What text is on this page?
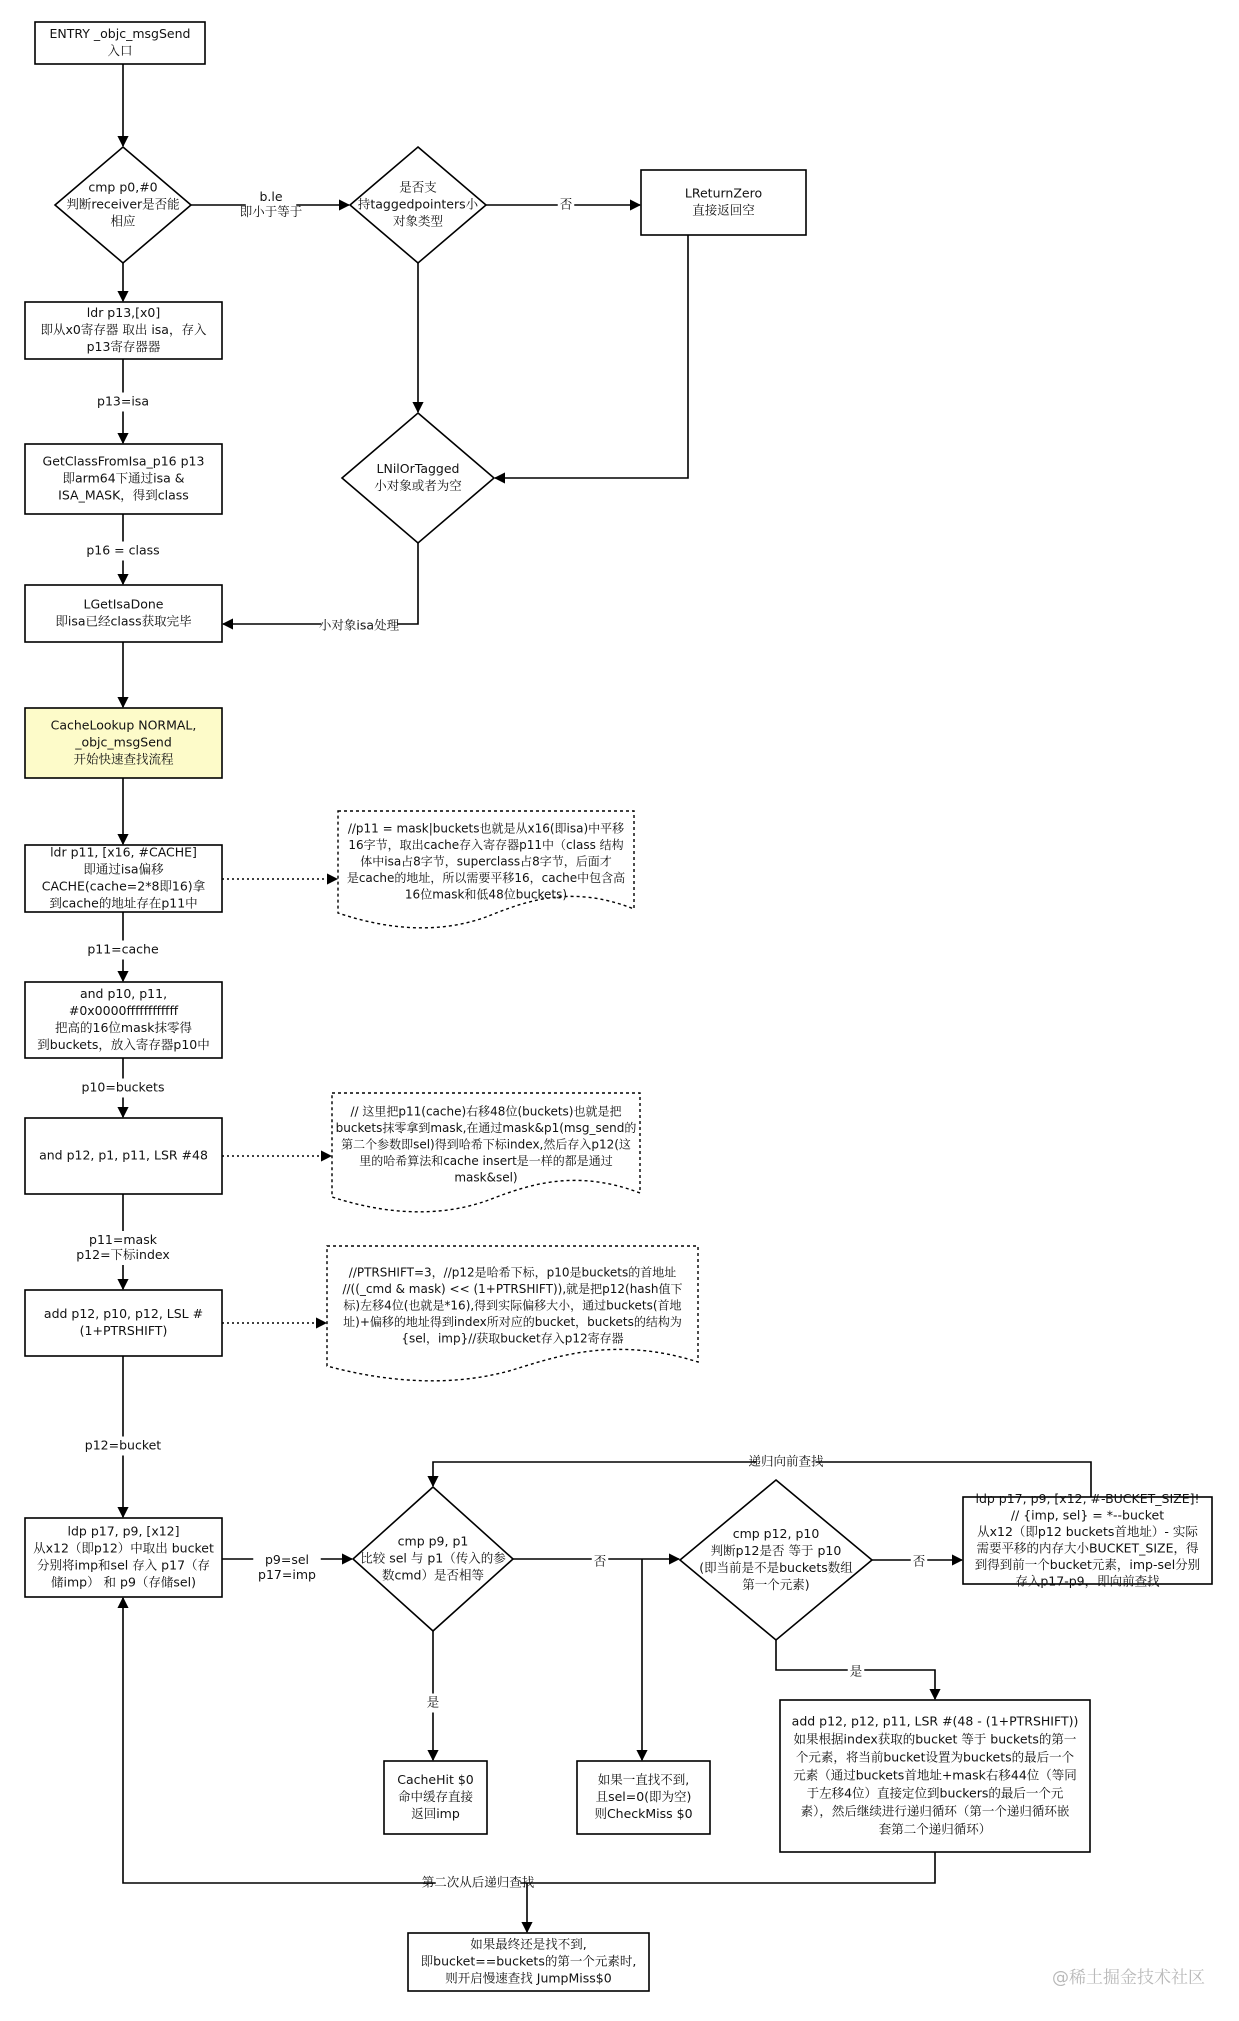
ENTRY _objc_msgSend
入口
LReturnZero
直接返回空
ldr p13,[x0]
即从x0寄存器 取出 isa，存入
p13寄存器器
GetClassFromIsa_p16 p13
即arm64下通过isa &
ISA_MASK，得到class
LGetIsaDone
即isa已经class获取完毕
CacheLookup NORMAL,
_objc_msgSend
开始快速查找流程
ldr p11, [x16, #CACHE]
即通过isa偏移
CACHE(cache=2*8即16)拿
到cache的地址存在p11中
and p10, p11,
#0x0000ffffffffffff
把高的16位mask抹零得
到buckets，放入寄存器p10中
and p12, p1, p11, LSR #48
add p12, p10, p12, LSL #
(1+PTRSHIFT)
ldp p17, p9, [x12]
从x12（即p12）中取出 bucket
分别将imp和sel 存入 p17（存
储imp） 和 p9（存储sel)
ldp p17, p9, [x12, #-BUCKET_SIZE]!
// {imp, sel} = *--bucket
从x12（即p12 buckets首地址）- 实际
需要平移的内存大小BUCKET_SIZE，得
到得到前一个bucket元素，imp-sel分别
存入p17-p9，即向前查找
CacheHit $0
命中缓存直接
返回imp
如果一直找不到,
且sel=0(即为空)
则CheckMiss $0
add p12, p12, p11, LSR #(48 - (1+PTRSHIFT))
如果根据index获取的bucket 等于 buckets的第一
个元素，将当前bucket设置为buckets的最后一个
元素（通过buckets首地址+mask右移44位（等同
于左移4位）直接定位到buckers的最后一个元
素），然后继续进行递归循环（第一个递归循环嵌
套第二个递归循环）
如果最终还是找不到,
即bucket==buckets的第一个元素时,
则开启慢速查找 JumpMiss$0
cmp p0,#0
判断receiver是否能
相应
是否支
持taggedpointers小
对象类型
LNilOrTagged
小对象或者为空
cmp p9, p1
比较 sel 与 p1（传入的参
数cmd）是否相等
cmp p12, p10
判断p12是否 等于 p10
(即当前是不是buckets数组
第一个元素)
//p11 = mask|buckets也就是从x16(即isa)中平移
16字节，取出cache存入寄存器p11中（class 结构
体中isa占8字节，superclass占8字节，后面才
是cache的地址，所以需要平移16，cache中包含高
16位mask和低48位buckets)
// 这里把p11(cache)右移48位(buckets)也就是把
buckets抹零拿到mask,在通过mask&p1(msg_send的
第二个参数即sel)得到哈希下标index,然后存入p12(这
里的哈希算法和cache insert是一样的都是通过
mask&sel)
//PTRSHIFT=3，//p12是哈希下标，p10是buckets的首地址
//((_cmd & mask) << (1+PTRSHIFT)),就是把p12(hash值下
标)左移4位(也就是*16),得到实际偏移大小，通过buckets(首地
址)+偏移的地址得到index所对应的bucket，buckets的结构为
{sel，imp}//获取bucket存入p12寄存器
b.le
即小于等于	否
p13=isa
p16 = class
小对象isa处理
p11=cache
p10=buckets
p11=mask
p12=下标index
p12=bucket
p9=sel
p17=imp
否	否
是
是
递归向前查找
第二次从后递归查找
@稀土掘金技术社区
